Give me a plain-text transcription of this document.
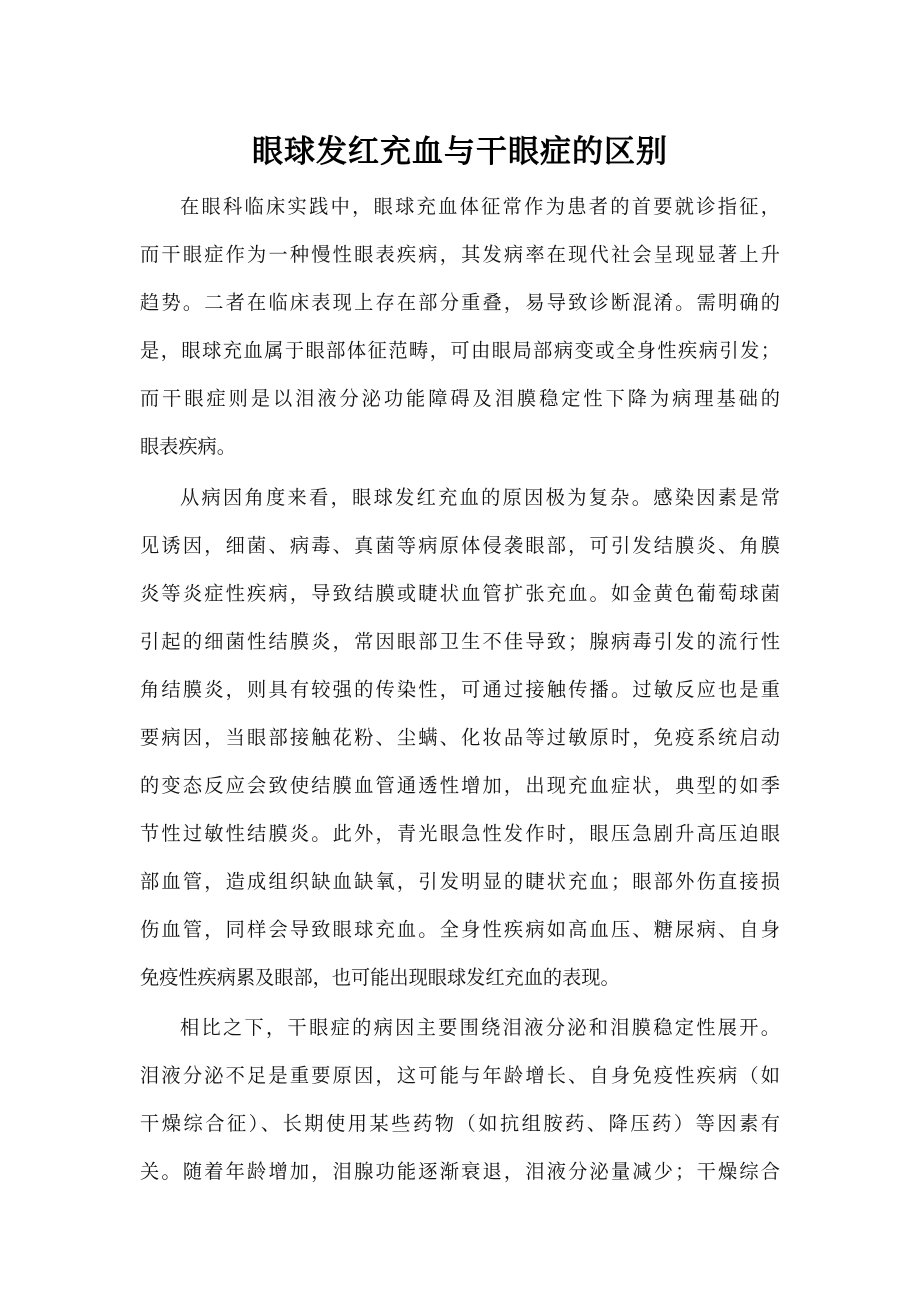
眼球发红充血与干眼症的区别
在眼科临床实践中，眼球充血体征常作为患者的首要就诊指征，
而干眼症作为一种慢性眼表疾病，其发病率在现代社会呈现显著上升
趋势。二者在临床表现上存在部分重叠，易导致诊断混淆。需明确的
是，眼球充血属于眼部体征范畴，可由眼局部病变或全身性疾病引发；
而干眼症则是以泪液分泌功能障碍及泪膜稳定性下降为病理基础的
眼表疾病。
从病因角度来看，眼球发红充血的原因极为复杂。感染因素是常
见诱因，细菌、病毒、真菌等病原体侵袭眼部，可引发结膜炎、角膜
炎等炎症性疾病，导致结膜或睫状血管扩张充血。如金黄色葡萄球菌
引起的细菌性结膜炎，常因眼部卫生不佳导致；腺病毒引发的流行性
角结膜炎，则具有较强的传染性，可通过接触传播。过敏反应也是重
要病因，当眼部接触花粉、尘螨、化妆品等过敏原时，免疫系统启动
的变态反应会致使结膜血管通透性增加，出现充血症状，典型的如季
节性过敏性结膜炎。此外，青光眼急性发作时，眼压急剧升高压迫眼
部血管，造成组织缺血缺氧，引发明显的睫状充血；眼部外伤直接损
伤血管，同样会导致眼球充血。全身性疾病如高血压、糖尿病、自身
免疫性疾病累及眼部，也可能出现眼球发红充血的表现。
相比之下，干眼症的病因主要围绕泪液分泌和泪膜稳定性展开。
泪液分泌不足是重要原因，这可能与年龄增长、自身免疫性疾病（如
干燥综合征）、长期使用某些药物（如抗组胺药、降压药）等因素有
关。随着年龄增加，泪腺功能逐渐衰退，泪液分泌量减少；干燥综合
